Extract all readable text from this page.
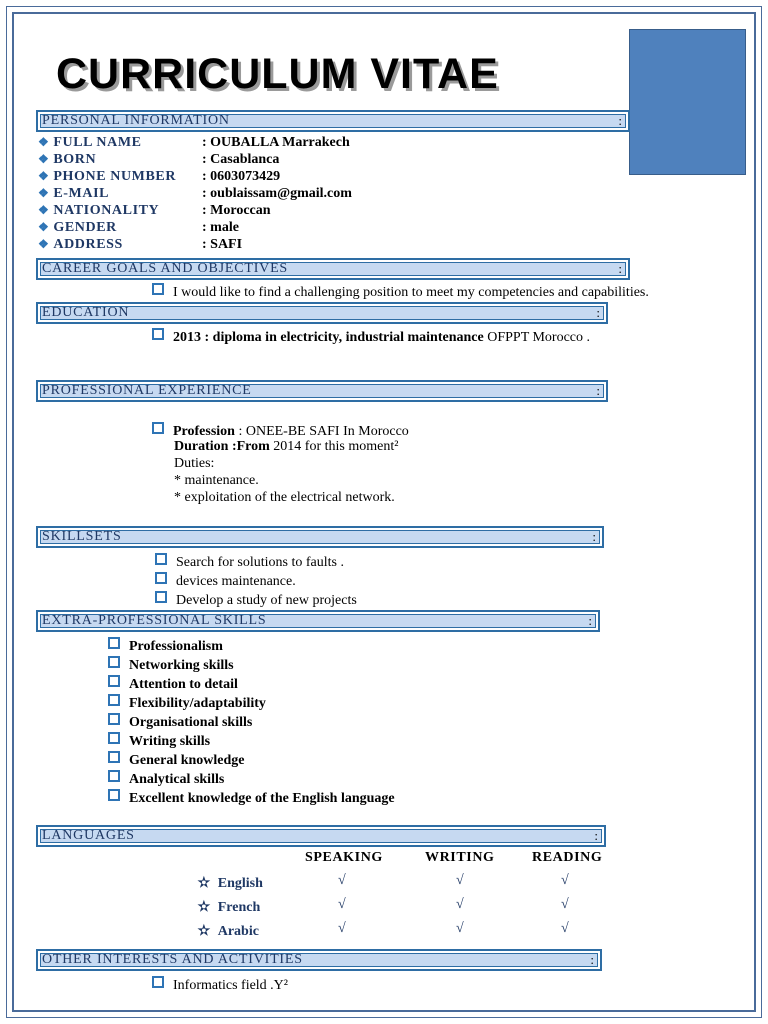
CURRICULUM VITAE
PERSONAL INFORMATION	:
❖ FULL NAME	: OUBALLA Marrakech
❖ BORN	: Casablanca
❖ PHONE NUMBER : 0603073429
❖ E-MAIL	: oublaissam@gmail.com
❖ NATIONALITY	: Moroccan
❖ GENDER	: male
❖ ADDRESS	: SAFI
CAREER GOALS AND OBJECTIVES	:
I would like to find a challenging position to meet my competencies and capabilities.
EDUCATION	:
2013 : diploma in electricity, industrial maintenance OFPPT Morocco .
PROFESSIONAL EXPERIENCE	:
Profession : ONEE-BE SAFI In Morocco
Duration :From 2014 for this moment²
Duties:
* maintenance.
* exploitation of the electrical network.
SKILLSETS	:
Search for solutions to faults .
devices maintenance.
Develop a study of new projects
EXTRA-PROFESSIONAL SKILLS	:
Professionalism
Networking skills
Attention to detail
Flexibility/adaptability
Organisational skills
Writing skills
General knowledge
Analytical skills
Excellent knowledge of the English language
LANGUAGES	:
SPEAKING	WRITING	READING
✫ English	√	√	√
✫ French	√	√	√
✫ Arabic	√	√	√
OTHER INTERESTS AND ACTIVITIES	:
Informatics field .Y²
